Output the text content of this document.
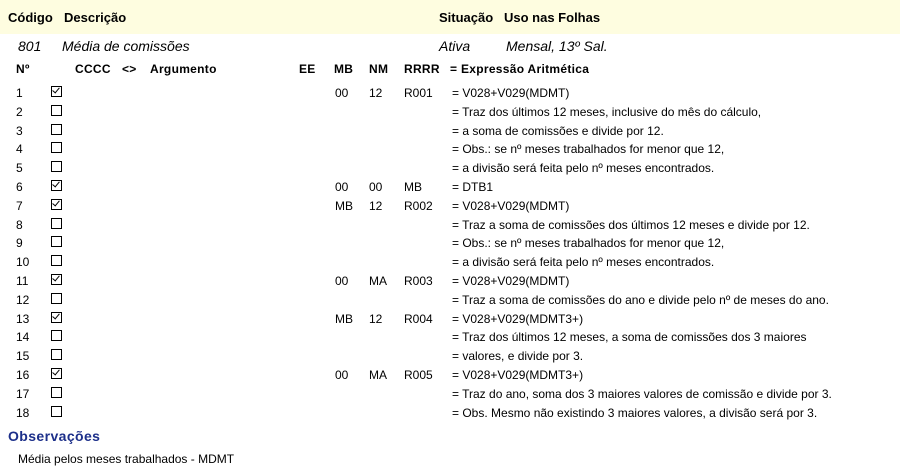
Código Descrição	Situação Uso nas Folhas
801 Média de comissões	Ativa	Mensal, 13º Sal.
Nº	CCCC <> Argumento	EE MB NM RRRR = Expressão Aritmética
1	00 12 R001 = V028+V029(MDMT)
2	= Traz dos últimos 12 meses, inclusive do mês do cálculo,
3	= a soma de comissões e divide por 12.
4	= Obs.: se nº meses trabalhados for menor que 12,
5	= a divisão será feita pelo nº meses encontrados.
6	00 00 MB	= DTB1
7	MB 12 R002 = V028+V029(MDMT)
8	= Traz a soma de comissões dos últimos 12 meses e divide por 12.
9	= Obs.: se nº meses trabalhados for menor que 12,
10	= a divisão será feita pelo nº meses encontrados.
11	00 MA R003 = V028+V029(MDMT)
12	= Traz a soma de comissões do ano e divide pelo nº de meses do ano.
13	MB 12 R004 = V028+V029(MDMT3+)
14	= Traz dos últimos 12 meses, a soma de comissões dos 3 maiores
15	= valores, e divide por 3.
16	00 MA R005 = V028+V029(MDMT3+)
17	= Traz do ano, soma dos 3 maiores valores de comissão e divide por 3.
18	= Obs. Mesmo não existindo 3 maiores valores, a divisão será por 3.
Observações
Média pelos meses trabalhados - MDMT
